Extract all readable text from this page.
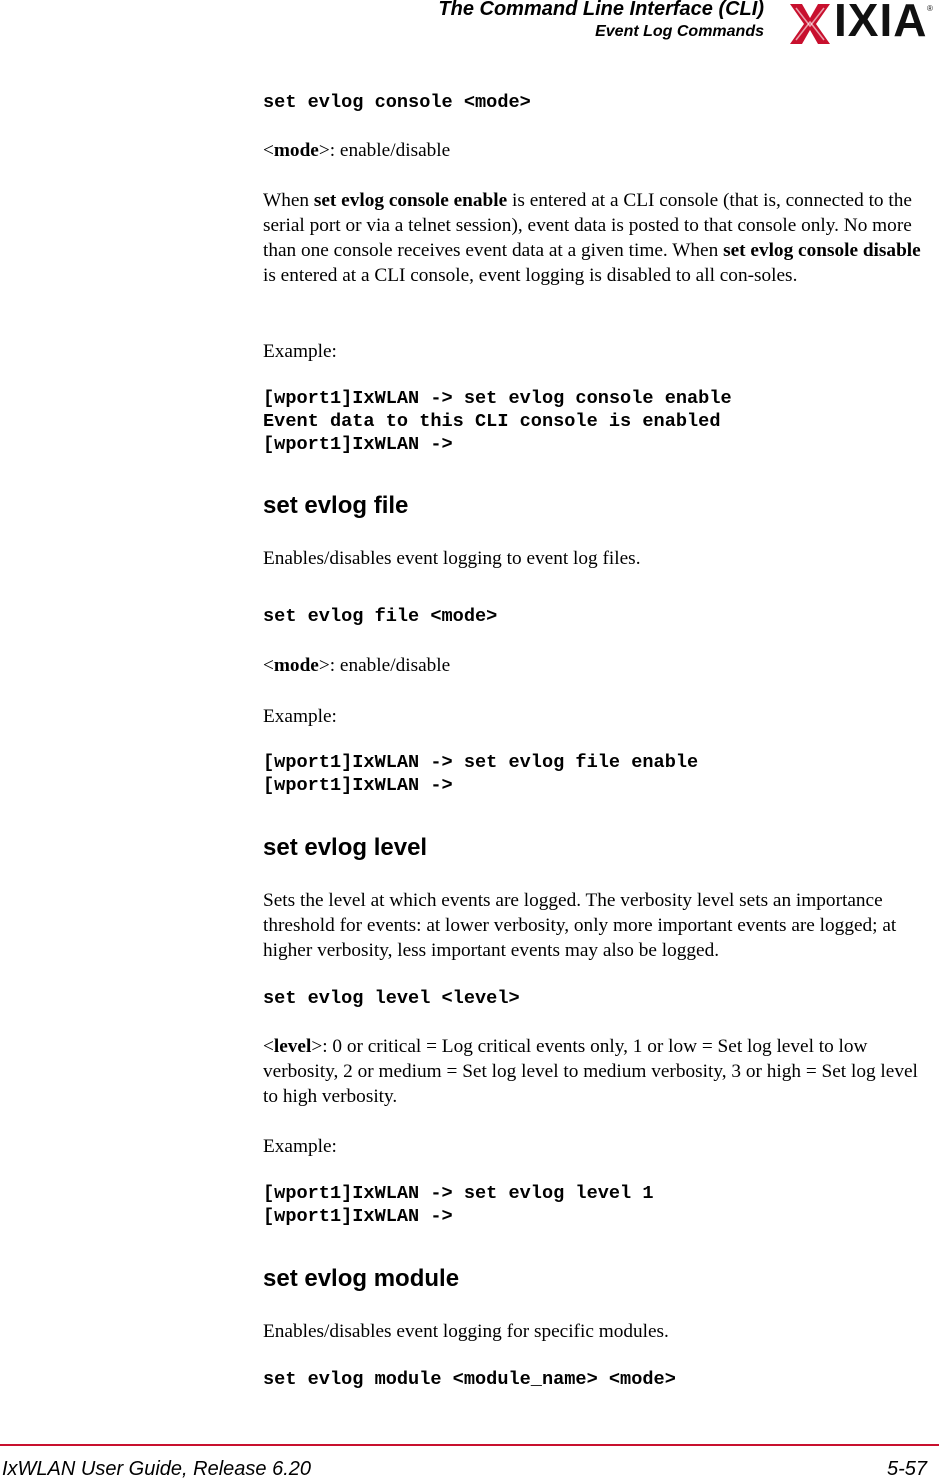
The Command Line Interface (CLI)
Event Log Commands IXIA ®
set evlog console <mode>

<mode>: enable/disable

When set evlog console enable is entered at a CLI console (that is, connected to the serial port or via a telnet session), event data is posted to that console only. No more than one console receives event data at a given time. When set evlog console disable is entered at a CLI console, event logging is disabled to all con-soles.

Example:

[wport1]IxWLAN -> set evlog console enable
Event data to this CLI console is enabled
[wport1]IxWLAN ->
set evlog file

Enables/disables event logging to event log files.

set evlog file <mode>

<mode>: enable/disable

Example:

[wport1]IxWLAN -> set evlog file enable
[wport1]IxWLAN ->
set evlog level

Sets the level at which events are logged. The verbosity level sets an importance threshold for events: at lower verbosity, only more important events are logged; at higher verbosity, less important events may also be logged.

set evlog level <level>

<level>: 0 or critical = Log critical events only, 1 or low = Set log level to low verbosity, 2 or medium = Set log level to medium verbosity, 3 or high = Set log level to high verbosity.

Example:

[wport1]IxWLAN -> set evlog level 1
[wport1]IxWLAN ->
set evlog module

Enables/disables event logging for specific modules.

set evlog module <module_name> <mode>
IxWLAN User Guide, Release 6.20	5-57
